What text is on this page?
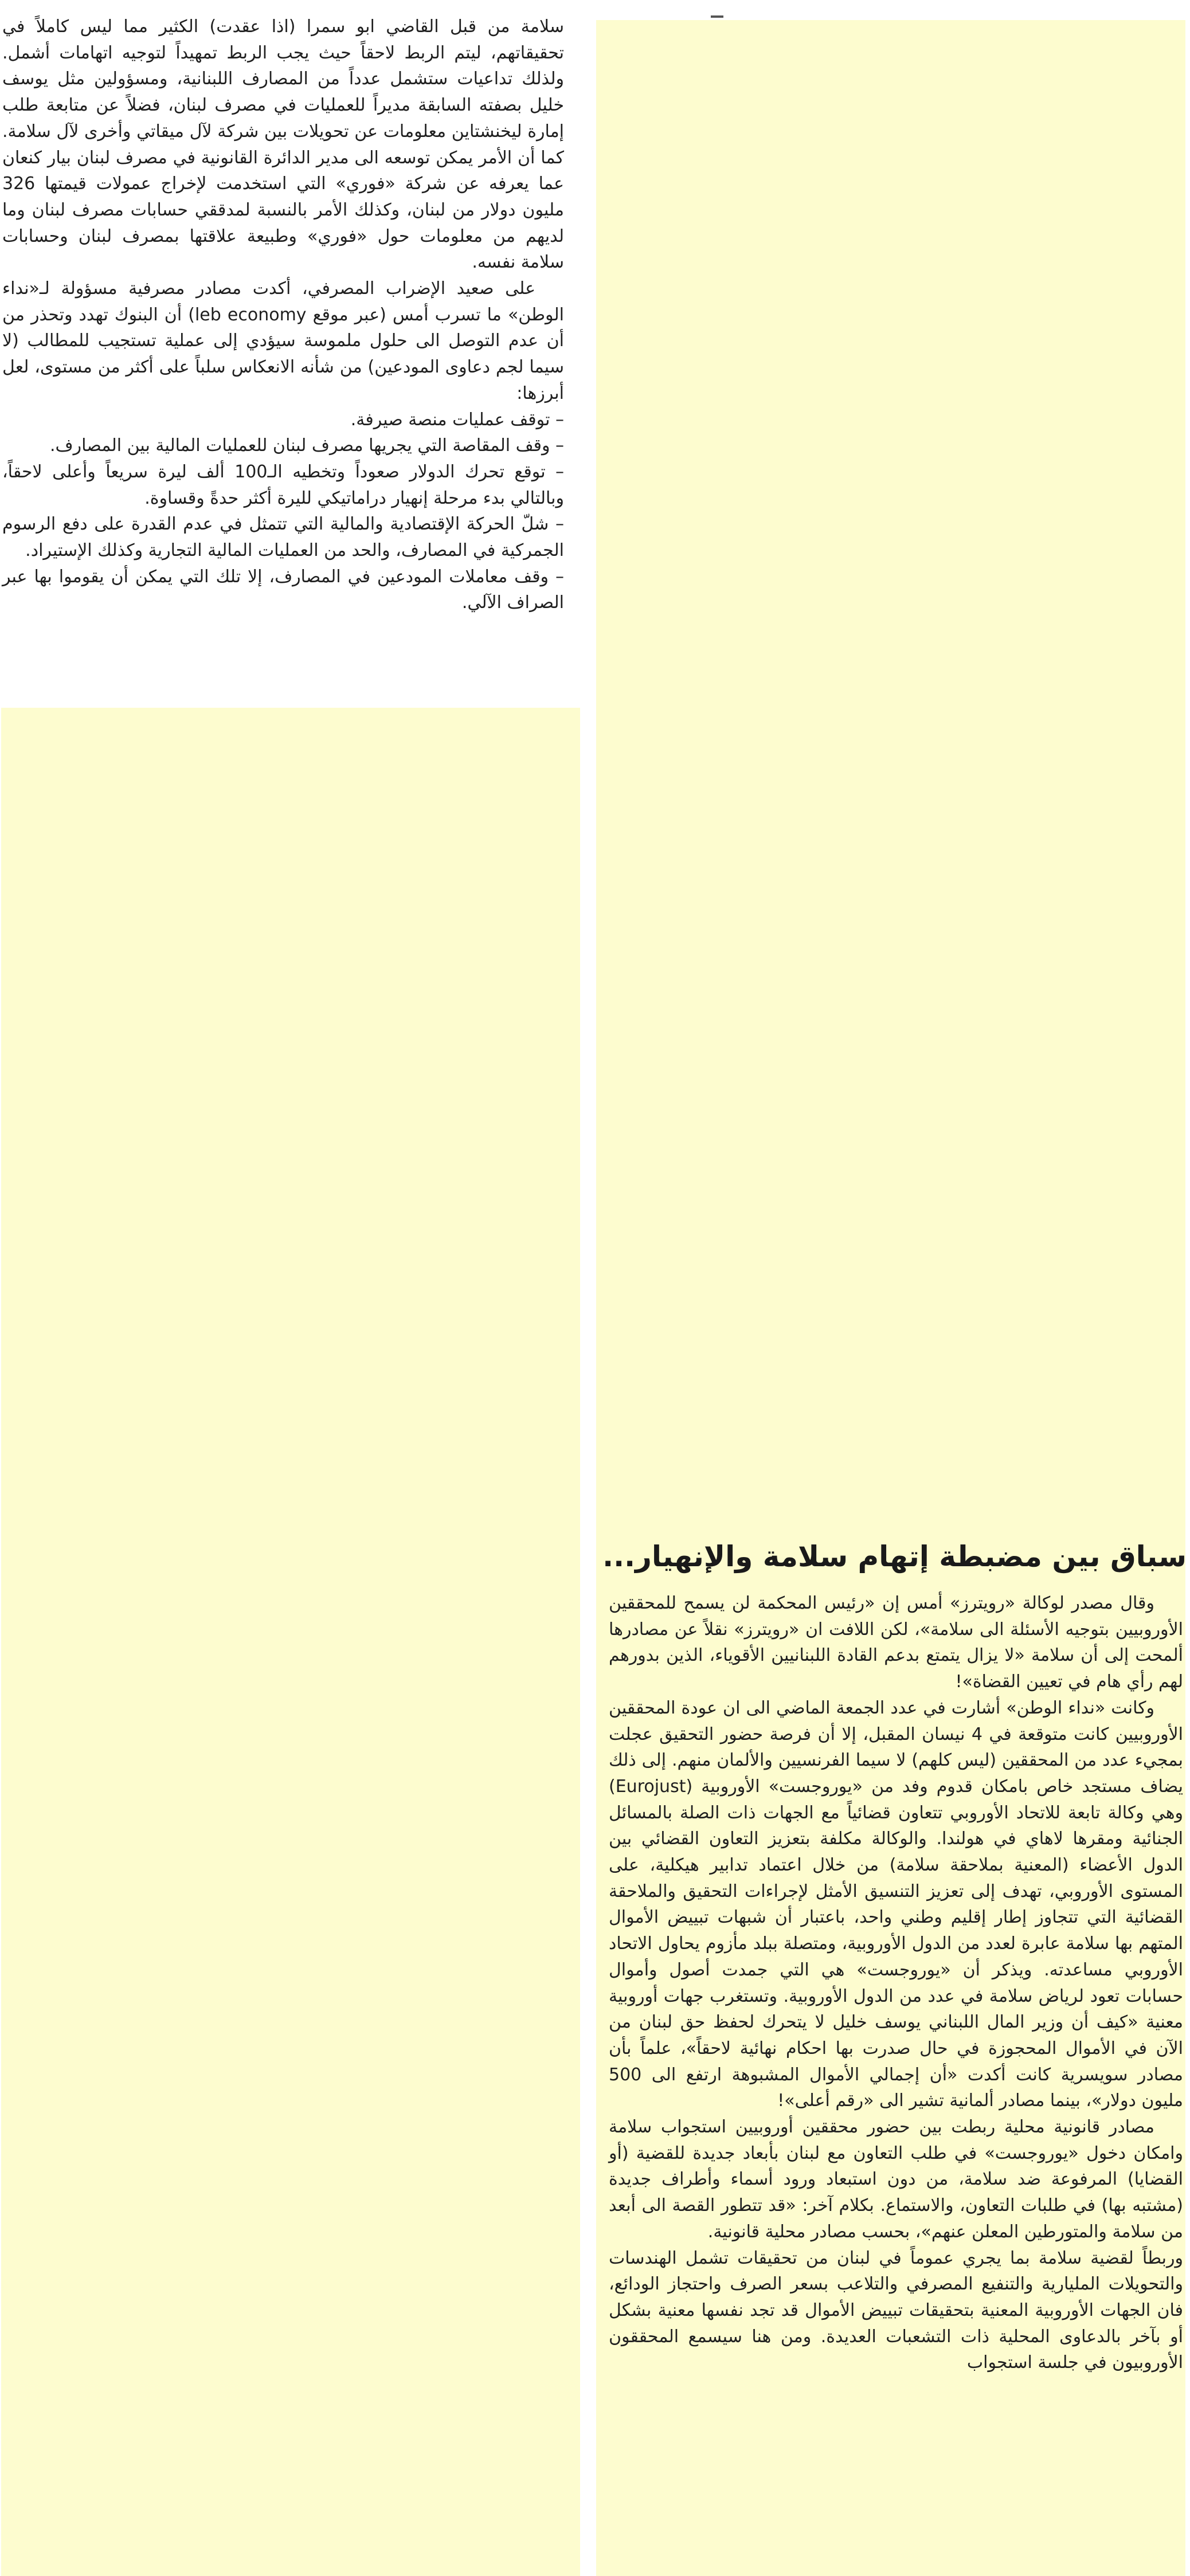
سلامة من قبل القاضي ابو سمرا (اذا عقدت) الكثير مما ليس كاملاً في تحقيقاتهم، ليتم الربط لاحقاً حيث يجب الربط تمهيداً لتوجيه اتهامات أشمل. ولذلك تداعيات ستشمل عدداً من المصارف اللبنانية، ومسؤولين مثل يوسف خليل بصفته السابقة مديراً للعمليات في مصرف لبنان، فضلاً عن متابعة طلب إمارة ليخنشتاين معلومات عن تحويلات بين شركة لآل ميقاتي وأخرى لآل سلامة. كما أن الأمر يمكن توسعه الى مدير الدائرة القانونية في مصرف لبنان بيار كنعان عما يعرفه عن شركة «فوري» التي استخدمت لإخراج عمولات قيمتها 326 مليون دولار من لبنان، وكذلك الأمر بالنسبة لمدققي حسابات مصرف لبنان وما لديهم من معلومات حول «فوري» وطبيعة علاقتها بمصرف لبنان وحسابات سلامة نفسه.

على صعيد الإضراب المصرفي، أكدت مصادر مصرفية مسؤولة لـ«نداء الوطن» ما تسرب أمس (عبر موقع leb economy) أن البنوك تهدد وتحذر من أن عدم التوصل الى حلول ملموسة سيؤدي إلى عملية تستجيب للمطالب (لا سيما لجم دعاوى المودعين) من شأنه الانعكاس سلباً على أكثر من مستوى، لعل أبرزها:

– توقف عمليات منصة صيرفة.

– وقف المقاصة التي يجريها مصرف لبنان للعمليات المالية بين المصارف.

– توقع تحرك الدولار صعوداً وتخطيه الـ100 ألف ليرة سريعاً وأعلى لاحقاً، وبالتالي بدء مرحلة إنهيار دراماتيكي لليرة أكثر حدةً وقساوة.

– شلّ الحركة الإقتصادية والمالية التي تتمثل في عدم القدرة على دفع الرسوم الجمركية في المصارف، والحد من العمليات المالية التجارية وكذلك الإستيراد.

– وقف معاملات المودعين في المصارف، إلا تلك التي يمكن أن يقوموا بها عبر الصراف الآلي.

سباق بين مضبطة إتهام سلامة والإنهيار...

وقال مصدر لوكالة «رويترز» أمس إن «رئيس المحكمة لن يسمح للمحققين الأوروبيين بتوجيه الأسئلة الى سلامة»، لكن اللافت ان «رويترز» نقلاً عن مصادرها ألمحت إلى أن سلامة «لا يزال يتمتع بدعم القادة اللبنانيين الأقوياء، الذين بدورهم لهم رأي هام في تعيين القضاة»!

وكانت «نداء الوطن» أشارت في عدد الجمعة الماضي الى ان عودة المحققين الأوروبيين كانت متوقعة في 4 نيسان المقبل، إلا أن فرصة حضور التحقيق عجلت بمجيء عدد من المحققين (ليس كلهم) لا سيما الفرنسيين والألمان منهم. إلى ذلك يضاف مستجد خاص بامكان قدوم وفد من «يوروجست» الأوروبية (Eurojust) وهي وكالة تابعة للاتحاد الأوروبي تتعاون قضائياً مع الجهات ذات الصلة بالمسائل الجنائية ومقرها لاهاي في هولندا. والوكالة مكلفة بتعزيز التعاون القضائي بين الدول الأعضاء (المعنية بملاحقة سلامة) من خلال اعتماد تدابير هيكلية، على المستوى الأوروبي، تهدف إلى تعزيز التنسيق الأمثل لإجراءات التحقيق والملاحقة القضائية التي تتجاوز إطار إقليم وطني واحد، باعتبار أن شبهات تبييض الأموال المتهم بها سلامة عابرة لعدد من الدول الأوروبية، ومتصلة ببلد مأزوم يحاول الاتحاد الأوروبي مساعدته. ويذكر أن «يوروجست» هي التي جمدت أصول وأموال حسابات تعود لرياض سلامة في عدد من الدول الأوروبية. وتستغرب جهات أوروبية معنية «كيف أن وزير المال اللبناني يوسف خليل لا يتحرك لحفظ حق لبنان من الآن في الأموال المحجوزة في حال صدرت بها احكام نهائية لاحقاً»، علماً بأن مصادر سويسرية كانت أكدت «أن إجمالي الأموال المشبوهة ارتفع الى 500 مليون دولار»، بينما مصادر ألمانية تشير الى «رقم أعلى»!

مصادر قانونية محلية ربطت بين حضور محققين أوروبيين استجواب سلامة وامكان دخول «يوروجست» في طلب التعاون مع لبنان بأبعاد جديدة للقضية (أو القضايا) المرفوعة ضد سلامة، من دون استبعاد ورود أسماء وأطراف جديدة (مشتبه بها) في طلبات التعاون، والاستماع. بكلام آخر: «قد تتطور القصة الى أبعد من سلامة والمتورطين المعلن عنهم»، بحسب مصادر محلية قانونية.

وربطاً لقضية سلامة بما يجري عموماً في لبنان من تحقيقات تشمل الهندسات والتحويلات المليارية والتنفيع المصرفي والتلاعب بسعر الصرف واحتجاز الودائع، فان الجهات الأوروبية المعنية بتحقيقات تبييض الأموال قد تجد نفسها معنية بشكل أو بآخر بالدعاوى المحلية ذات التشعبات العديدة. ومن هنا سيسمع المحققون الأوروبيون في جلسة استجواب
